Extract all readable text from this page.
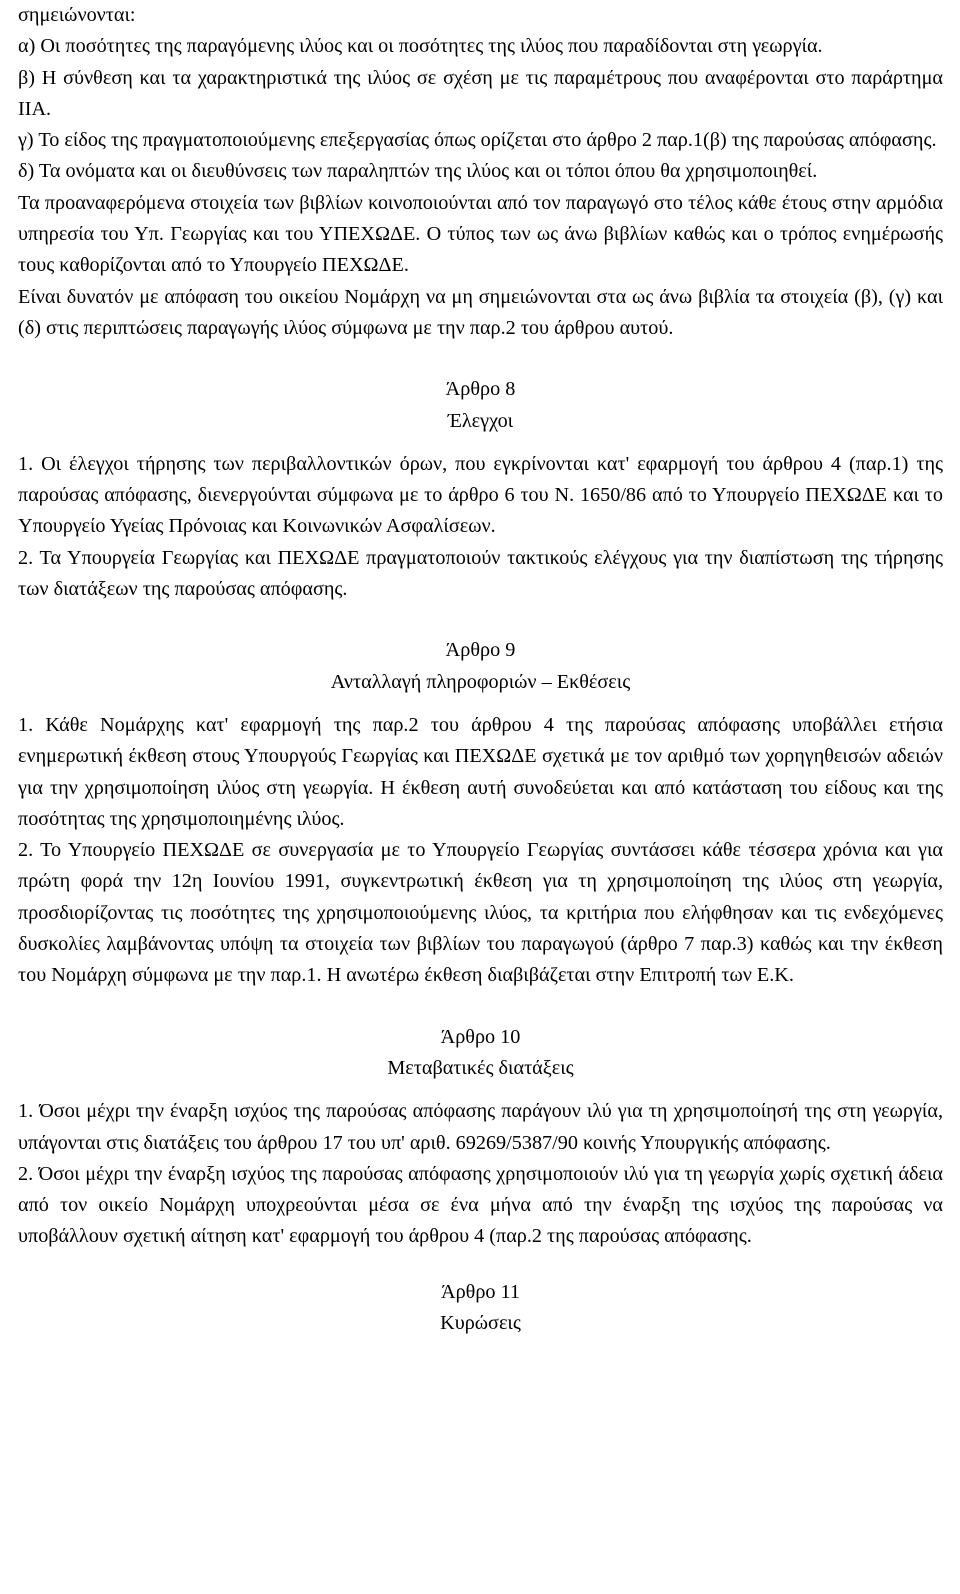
σημειώνονται:

α) Οι ποσότητες της παραγόμενης ιλύος και οι ποσότητες της ιλύος που παραδίδονται στη γεωργία.

β) Η σύνθεση και τα χαρακτηριστικά της ιλύος σε σχέση με τις παραμέτρους που αναφέρονται στο παράρτημα ΙΙΑ.

γ) Το είδος της πραγματοποιούμενης επεξεργασίας όπως ορίζεται στο άρθρο 2 παρ.1(β) της παρούσας απόφασης.

δ) Τα ονόματα και οι διευθύνσεις των παραληπτών της ιλύος και οι τόποι όπου θα χρησιμοποιηθεί.

Τα προαναφερόμενα στοιχεία των βιβλίων κοινοποιούνται από τον παραγωγό στο τέλος κάθε έτους στην αρμόδια υπηρεσία του Υπ. Γεωργίας και του ΥΠΕΧΩΔΕ. Ο τύπος των ως άνω βιβλίων καθώς και ο τρόπος ενημέρωσής τους καθορίζονται από το Υπουργείο ΠΕΧΩΔΕ.

Είναι δυνατόν με απόφαση του οικείου Νομάρχη να μη σημειώνονται στα ως άνω βιβλία τα στοιχεία (β), (γ) και (δ) στις περιπτώσεις παραγωγής ιλύος σύμφωνα με την παρ.2 του άρθρου αυτού.

Άρθρο 8

Έλεγχοι

1. Οι έλεγχοι τήρησης των περιβαλλοντικών όρων, που εγκρίνονται κατ' εφαρμογή του άρθρου 4 (παρ.1) της παρούσας απόφασης, διενεργούνται σύμφωνα με το άρθρο 6 του Ν. 1650/86 από το Υπουργείο ΠΕΧΩΔΕ και το Υπουργείο Υγείας Πρόνοιας και Κοινωνικών Ασφαλίσεων.

2. Τα Υπουργεία Γεωργίας και ΠΕΧΩΔΕ πραγματοποιούν τακτικούς ελέγχους για την διαπίστωση της τήρησης των διατάξεων της παρούσας απόφασης.

Άρθρο 9

Ανταλλαγή πληροφοριών – Εκθέσεις

1. Κάθε Νομάρχης κατ' εφαρμογή της παρ.2 του άρθρου 4 της παρούσας απόφασης υποβάλλει ετήσια ενημερωτική έκθεση στους Υπουργούς Γεωργίας και ΠΕΧΩΔΕ σχετικά με τον αριθμό των χορηγηθεισών αδειών για την χρησιμοποίηση ιλύος στη γεωργία. Η έκθεση αυτή συνοδεύεται και από κατάσταση του είδους και της ποσότητας της χρησιμοποιημένης ιλύος.

2. Το Υπουργείο ΠΕΧΩΔΕ σε συνεργασία με το Υπουργείο Γεωργίας συντάσσει κάθε τέσσερα χρόνια και για πρώτη φορά την 12η Ιουνίου 1991, συγκεντρωτική έκθεση για τη χρησιμοποίηση της ιλύος στη γεωργία, προσδιορίζοντας τις ποσότητες της χρησιμοποιούμενης ιλύος, τα κριτήρια που ελήφθησαν και τις ενδεχόμενες δυσκολίες λαμβάνοντας υπόψη τα στοιχεία των βιβλίων του παραγωγού (άρθρο 7 παρ.3) καθώς και την έκθεση του Νομάρχη σύμφωνα με την παρ.1. Η ανωτέρω έκθεση διαβιβάζεται στην Επιτροπή των Ε.Κ.

Άρθρο 10

Μεταβατικές διατάξεις

1. Όσοι μέχρι την έναρξη ισχύος της παρούσας απόφασης παράγουν ιλύ για τη χρησιμοποίησή της στη γεωργία, υπάγονται στις διατάξεις του άρθρου 17 του υπ' αριθ. 69269/5387/90 κοινής Υπουργικής απόφασης.

2. Όσοι μέχρι την έναρξη ισχύος της παρούσας απόφασης χρησιμοποιούν ιλύ για τη γεωργία χωρίς σχετική άδεια από τον οικείο Νομάρχη υποχρεούνται μέσα σε ένα μήνα από την έναρξη της ισχύος της παρούσας να υποβάλλουν σχετική αίτηση κατ' εφαρμογή του άρθρου 4 (παρ.2 της παρούσας απόφασης.

Άρθρο 11

Κυρώσεις
